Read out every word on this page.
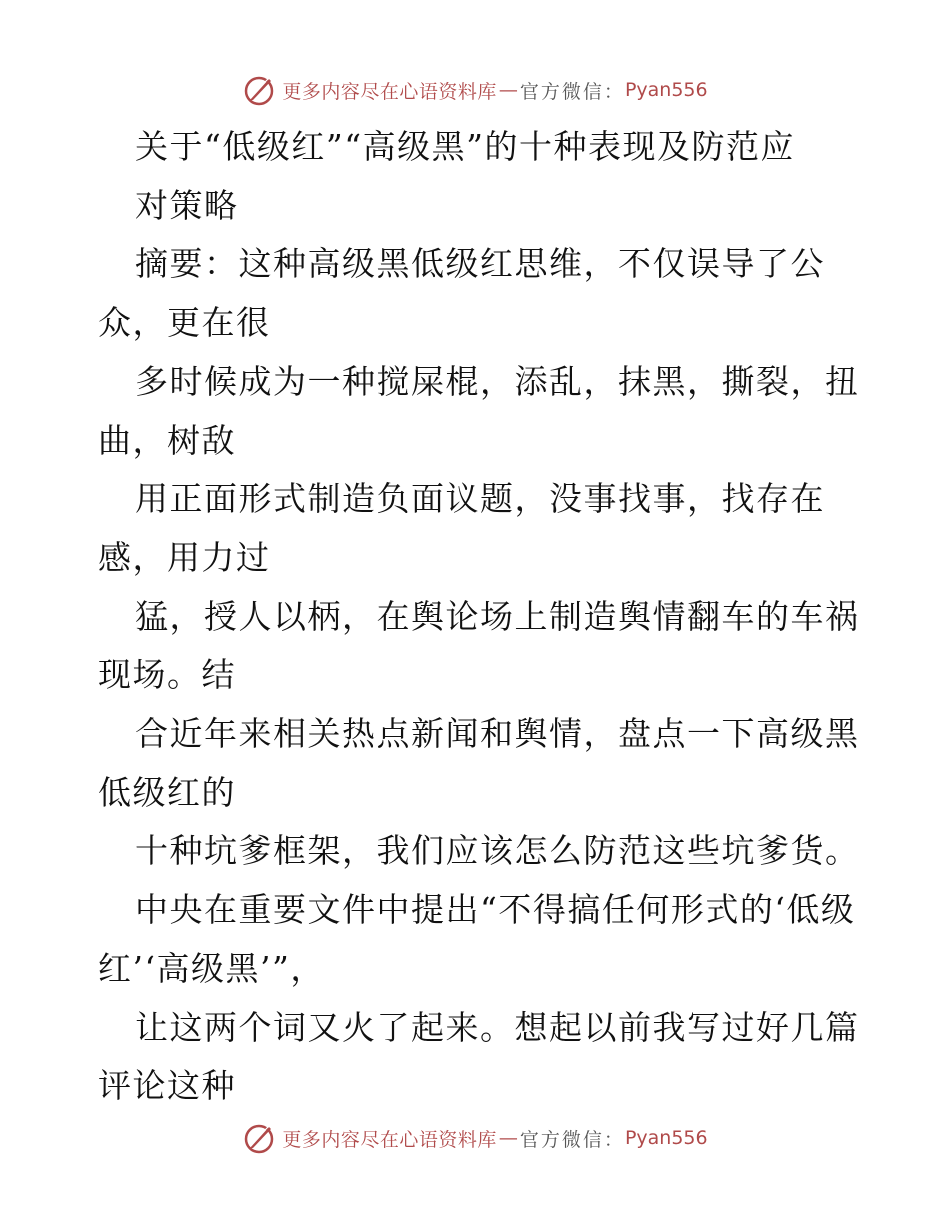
更多内容尽在心语资料库 — 官方微信： Pyan556

关于“低级红”“高级黑”的十种表现及防范应

对策略

摘要：这种高级黑低级红思维，不仅误导了公众，更在很

多时候成为一种搅屎棍，添乱，抹黑，撕裂，扭曲，树敌

用正面形式制造负面议题，没事找事，找存在感，用力过

猛，授人以柄，在舆论场上制造舆情翻车的车祸现场。结

合近年来相关热点新闻和舆情，盘点一下高级黑低级红的

十种坑爹框架，我们应该怎么防范这些坑爹货。

中央在重要文件中提出“不得搞任何形式的‘低级红’‘高级黑’”，

让这两个词又火了起来。想起以前我写过好几篇评论这种

更多内容尽在心语资料库 — 官方微信： Pyan556
